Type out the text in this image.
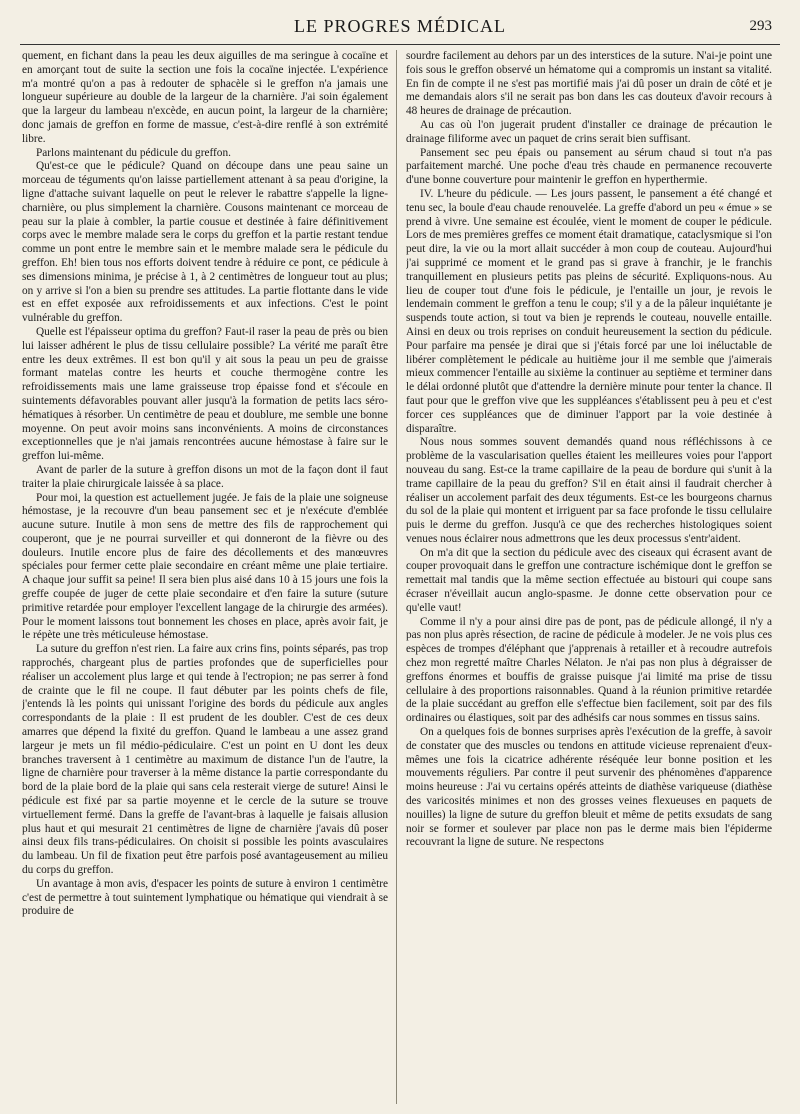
LE PROGRES MÉDICAL	293

quement, en fichant dans la peau les deux aiguilles de ma seringue à cocaïne et en amorçant tout de suite la section une fois la cocaïne injectée. L'expérience m'a montré qu'on a pas à redouter de sphacèle si le greffon n'a jamais une longueur supérieure au double de la largeur de la charnière. J'ai soin également que la largeur du lambeau n'excède, en aucun point, la largeur de la charnière; donc jamais de greffon en forme de massue, c'est-à-dire renflé à son extrémité libre.

Parlons maintenant du pédicule du greffon.

Qu'est-ce que le pédicule? Quand on découpe dans une peau saine un morceau de téguments qu'on laisse partiellement attenant à sa peau d'origine, la ligne d'attache suivant laquelle on peut le relever le rabattre s'appelle la ligne-charnière, ou plus simplement la charnière. Cousons maintenant ce morceau de peau sur la plaie à combler, la partie cousue et destinée à faire définitivement corps avec le membre malade sera le corps du greffon et la partie restant tendue comme un pont entre le membre sain et le membre malade sera le pédicule du greffon. Eh! bien tous nos efforts doivent tendre à réduire ce pont, ce pédicule à ses dimensions minima, je précise à 1, à 2 centimètres de longueur tout au plus; on y arrive si l'on a bien su prendre ses attitudes. La partie flottante dans le vide est en effet exposée aux refroidissements et aux infections. C'est le point vulnérable du greffon.

Quelle est l'épaisseur optima du greffon? Faut-il raser la peau de près ou bien lui laisser adhérent le plus de tissu cellulaire possible? La vérité me paraît être entre les deux extrêmes. Il est bon qu'il y ait sous la peau un peu de graisse formant matelas contre les heurts et couche thermogène contre les refroidissements mais une lame graisseuse trop épaisse fond et s'écoule en suintements défavorables pouvant aller jusqu'à la formation de petits lacs séro-hématiques à résorber. Un centimètre de peau et doublure, me semble une bonne moyenne. On peut avoir moins sans inconvénients. A moins de circonstances exceptionnelles que je n'ai jamais rencontrées aucune hémostase à faire sur le greffon lui-même.

Avant de parler de la suture à greffon disons un mot de la façon dont il faut traiter la plaie chirurgicale laissée à sa place.

Pour moi, la question est actuellement jugée. Je fais de la plaie une soigneuse hémostase, je la recouvre d'un beau pansement sec et je n'exécute d'emblée aucune suture. Inutile à mon sens de mettre des fils de rapprochement qui couperont, que je ne pourrai surveiller et qui donneront de la fièvre ou des douleurs. Inutile encore plus de faire des décollements et des manœuvres spéciales pour fermer cette plaie secondaire en créant même une plaie tertiaire. A chaque jour suffit sa peine! Il sera bien plus aisé dans 10 à 15 jours une fois la greffe coupée de juger de cette plaie secondaire et d'en faire la suture (suture primitive retardée pour employer l'excellent langage de la chirurgie des armées). Pour le moment laissons tout bonnement les choses en place, après avoir fait, je le répète une très méticuleuse hémostase.

La suture du greffon n'est rien. La faire aux crins fins, points séparés, pas trop rapprochés, chargeant plus de parties profondes que de superficielles pour réaliser un accolement plus large et qui tende à l'ectropion; ne pas serrer à fond de crainte que le fil ne coupe. Il faut débuter par les points chefs de file, j'entends là les points qui unissant l'origine des bords du pédicule aux angles correspondants de la plaie : Il est prudent de les doubler. C'est de ces deux amarres que dépend la fixité du greffon. Quand le lambeau a une assez grand largeur je mets un fil médio-pédiculaire. C'est un point en U dont les deux branches traversent à 1 centimètre au maximum de distance l'un de l'autre, la ligne de charnière pour traverser à la même distance la partie correspondante du bord de la plaie bord de la plaie qui sans cela resterait vierge de suture! Ainsi le pédicule est fixé par sa partie moyenne et le cercle de la suture se trouve virtuellement fermé. Dans la greffe de l'avant-bras à laquelle je faisais allusion plus haut et qui mesurait 21 centimètres de ligne de charnière j'avais dû poser ainsi deux fils trans-pédiculaires. On choisit si possible les points avasculaires du lambeau. Un fil de fixation peut être parfois posé avantageusement au milieu du corps du greffon.

Un avantage à mon avis, d'espacer les points de suture à environ 1 centimètre c'est de permettre à tout suintement lymphatique ou hématique qui viendrait à se produire de

sourdre facilement au dehors par un des interstices de la suture. N'ai-je point une fois sous le greffon observé un hématome qui a compromis un instant sa vitalité. En fin de compte il ne s'est pas mortifié mais j'ai dû poser un drain de côté et je me demandais alors s'il ne serait pas bon dans les cas douteux d'avoir recours à 48 heures de drainage de précaution.

Au cas où l'on jugerait prudent d'installer ce drainage de précaution le drainage filiforme avec un paquet de crins serait bien suffisant.

Pansement sec peu épais ou pansement au sérum chaud si tout n'a pas parfaitement marché. Une poche d'eau très chaude en permanence recouverte d'une bonne couverture pour maintenir le greffon en hyperthermie.

IV. L'heure du pédicule. — Les jours passent, le pansement a été changé et tenu sec, la boule d'eau chaude renouvelée. La greffe d'abord un peu « émue » se prend à vivre. Une semaine est écoulée, vient le moment de couper le pédicule. Lors de mes premières greffes ce moment était dramatique, cataclysmique si l'on peut dire, la vie ou la mort allait succéder à mon coup de couteau. Aujourd'hui j'ai supprimé ce moment et le grand pas si grave à franchir, je le franchis tranquillement en plusieurs petits pas pleins de sécurité. Expliquons-nous. Au lieu de couper tout d'une fois le pédicule, je l'entaille un jour, je revois le lendemain comment le greffon a tenu le coup; s'il y a de la pâleur inquiétante je suspends toute action, si tout va bien je reprends le couteau, nouvelle entaille. Ainsi en deux ou trois reprises on conduit heureusement la section du pédicule. Pour parfaire ma pensée je dirai que si j'étais forcé par une loi inéluctable de libérer complètement le pédicale au huitième jour il me semble que j'aimerais mieux commencer l'entaille au sixième la continuer au septième et terminer dans le délai ordonné plutôt que d'attendre la dernière minute pour tenter la chance. Il faut pour que le greffon vive que les suppléances s'établissent peu à peu et c'est forcer ces suppléances que de diminuer l'apport par la voie destinée à disparaître.

Nous nous sommes souvent demandés quand nous réfléchissons à ce problème de la vascularisation quelles étaient les meilleures voies pour l'apport nouveau du sang. Est-ce la trame capillaire de la peau de bordure qui s'unit à la trame capillaire de la peau du greffon? S'il en était ainsi il faudrait chercher à réaliser un accolement parfait des deux téguments. Est-ce les bourgeons charnus du sol de la plaie qui montent et irriguent par sa face profonde le tissu cellulaire puis le derme du greffon. Jusqu'à ce que des recherches histologiques soient venues nous éclairer nous admettrons que les deux processus s'entr'aident.

On m'a dit que la section du pédicule avec des ciseaux qui écrasent avant de couper provoquait dans le greffon une contracture ischémique dont le greffon se remettait mal tandis que la même section effectuée au bistouri qui coupe sans écraser n'éveillait aucun anglo-spasme. Je donne cette observation pour ce qu'elle vaut!

Comme il n'y a pour ainsi dire pas de pont, pas de pédicule allongé, il n'y a pas non plus après résection, de racine de pédicule à modeler. Je ne vois plus ces espèces de trompes d'éléphant que j'apprenais à retailler et à recoudre autrefois chez mon regretté maître Charles Nélaton. Je n'ai pas non plus à dégraisser de greffons énormes et bouffis de graisse puisque j'ai limité ma prise de tissu cellulaire à des proportions raisonnables. Quand à la réunion primitive retardée de la plaie succédant au greffon elle s'effectue bien facilement, soit par des fils ordinaires ou élastiques, soit par des adhésifs car nous sommes en tissus sains.

On a quelques fois de bonnes surprises après l'exécution de la greffe, à savoir de constater que des muscles ou tendons en attitude vicieuse reprenaient d'eux-mêmes une fois la cicatrice adhérente réséquée leur bonne position et les mouvements réguliers. Par contre il peut survenir des phénomènes d'apparence moins heureuse : J'ai vu certains opérés atteints de diathèse variqueuse (diathèse des varicosités minimes et non des grosses veines flexueuses en paquets de nouilles) la ligne de suture du greffon bleuit et même de petits exsudats de sang noir se former et soulever par place non pas le derme mais bien l'épiderme recouvrant la ligne de suture. Ne respectons
